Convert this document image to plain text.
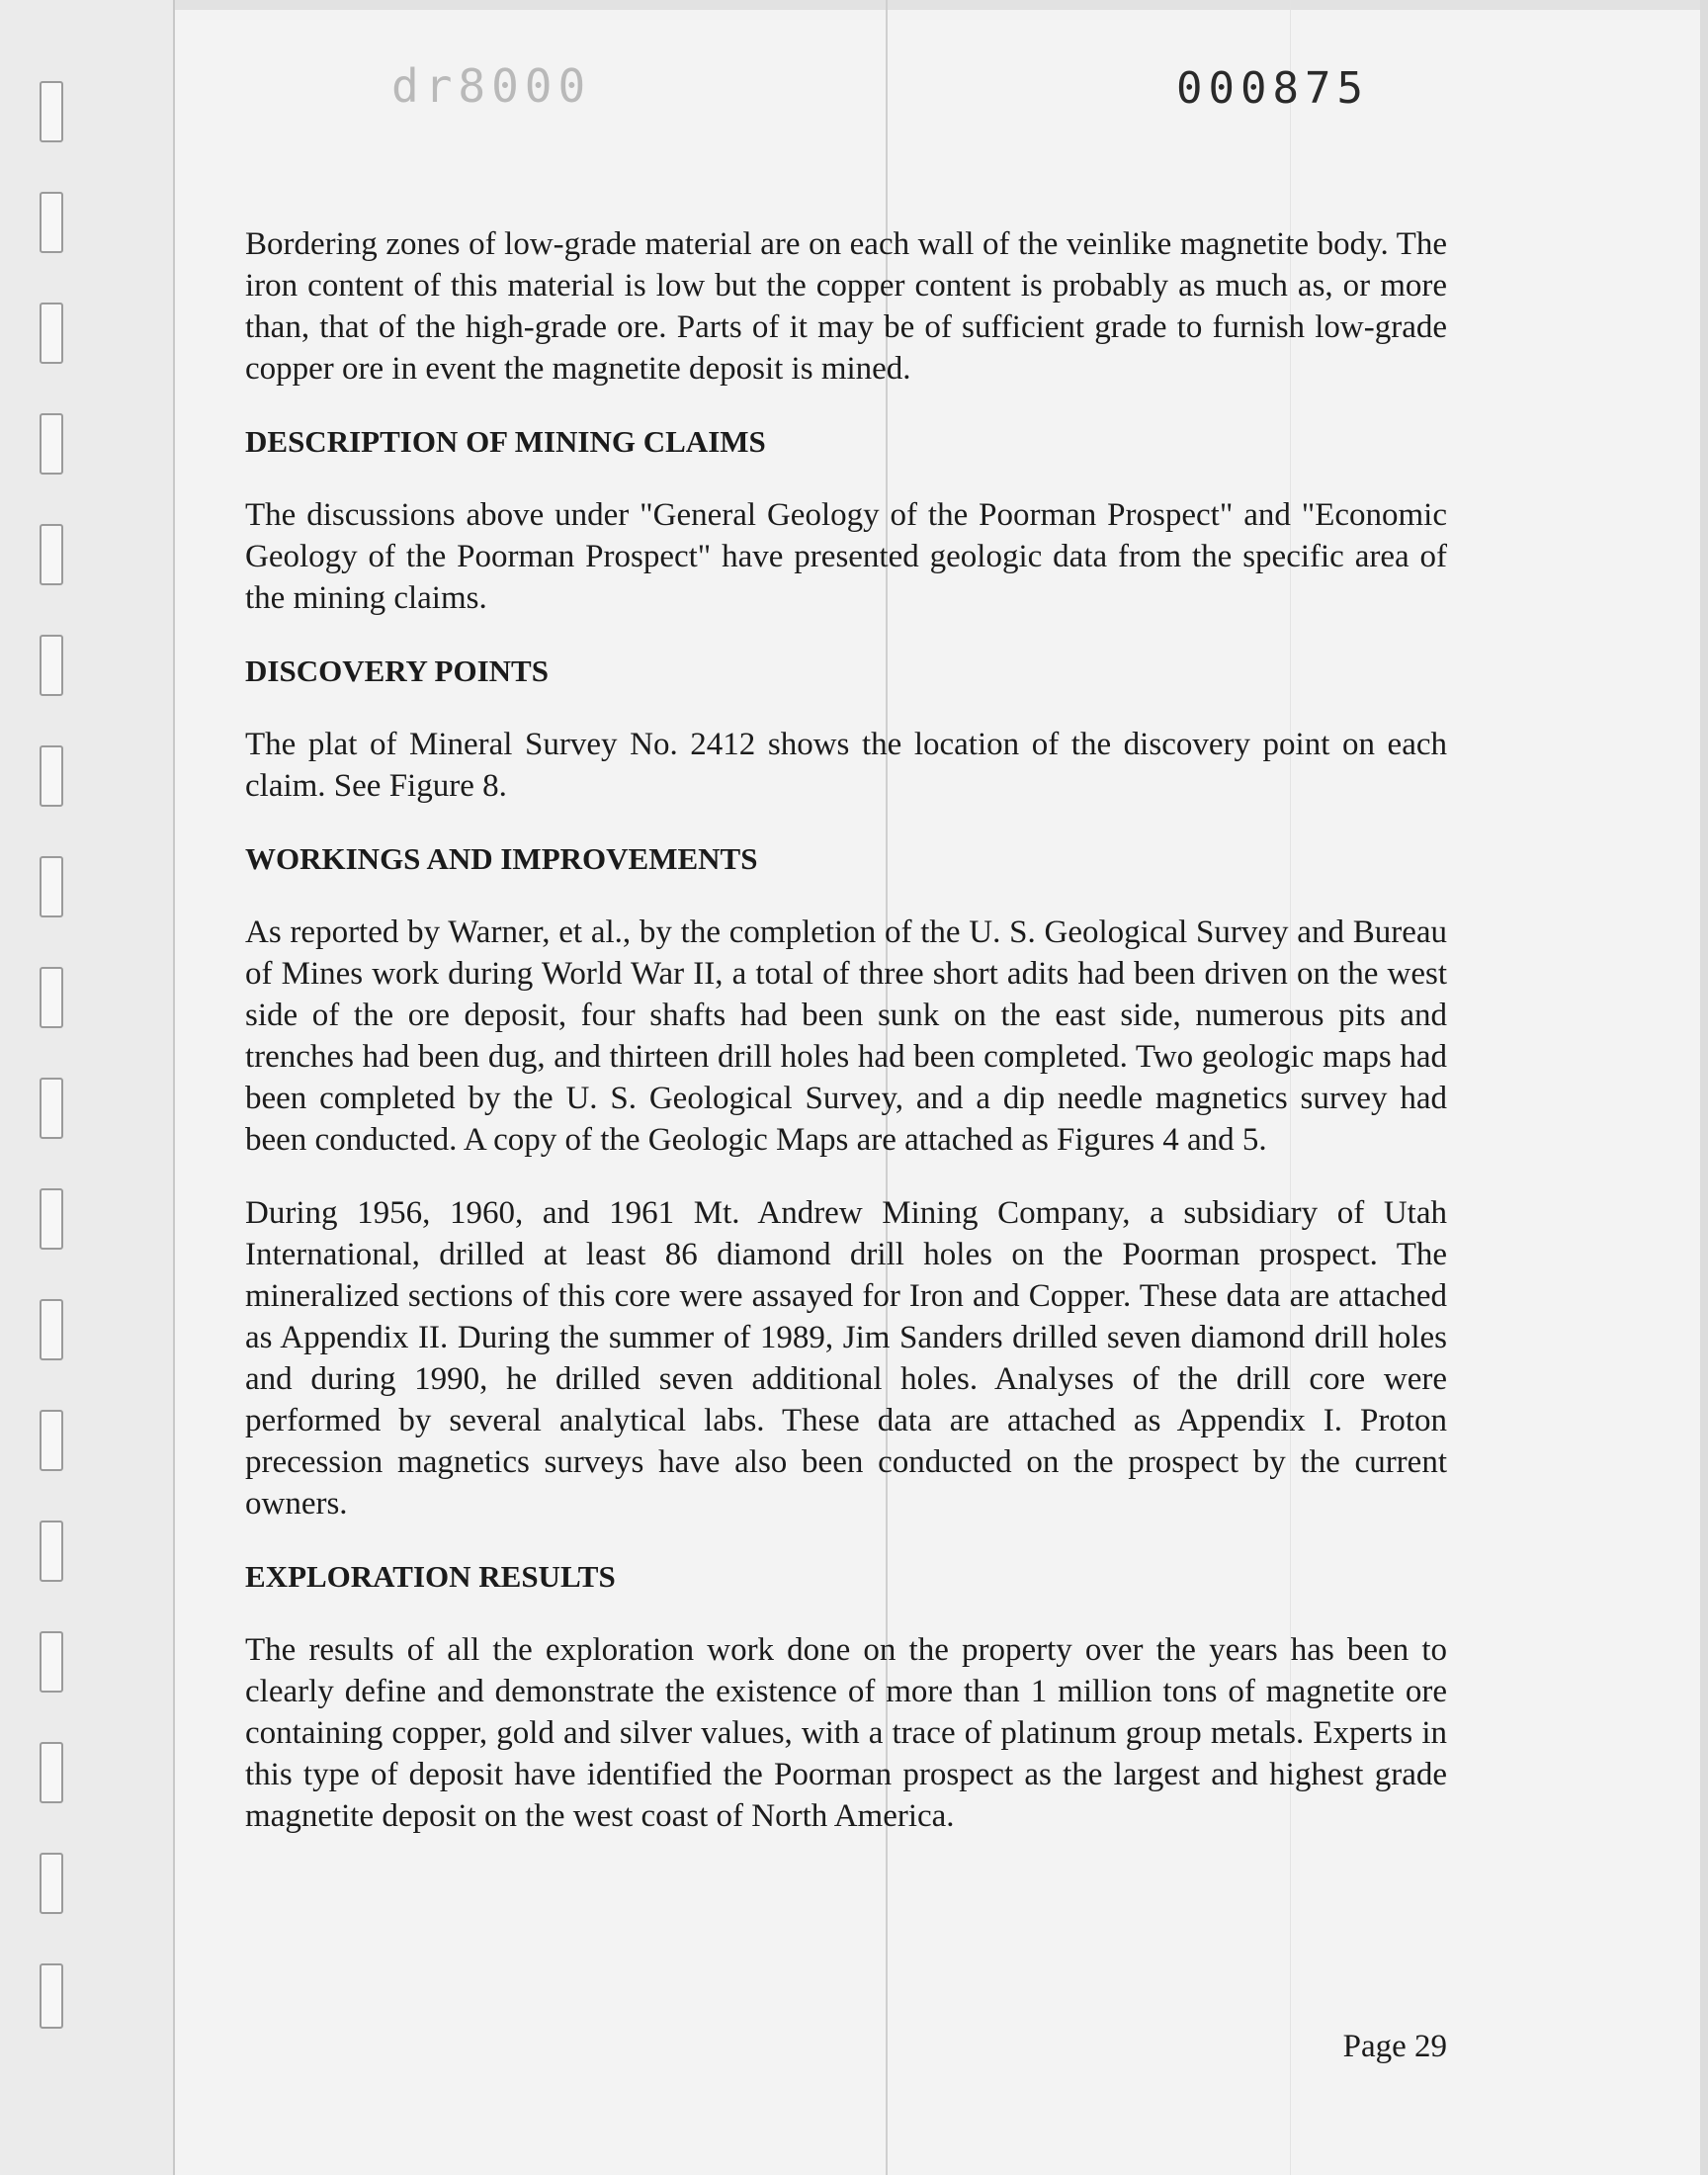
dr8000	000875

Bordering zones of low-grade material are on each wall of the veinlike magnetite body. The iron content of this material is low but the copper content is probably as much as, or more than, that of the high-grade ore. Parts of it may be of sufficient grade to furnish low-grade copper ore in event the magnetite deposit is mined.

DESCRIPTION OF MINING CLAIMS

The discussions above under "General Geology of the Poorman Prospect" and "Economic Geology of the Poorman Prospect" have presented geologic data from the specific area of the mining claims.

DISCOVERY POINTS

The plat of Mineral Survey No. 2412 shows the location of the discovery point on each claim. See Figure 8.

WORKINGS AND IMPROVEMENTS

As reported by Warner, et al., by the completion of the U. S. Geological Survey and Bureau of Mines work during World War II, a total of three short adits had been driven on the west side of the ore deposit, four shafts had been sunk on the east side, numerous pits and trenches had been dug, and thirteen drill holes had been completed. Two geologic maps had been completed by the U. S. Geological Survey, and a dip needle magnetics survey had been conducted. A copy of the Geologic Maps are attached as Figures 4 and 5.

During 1956, 1960, and 1961 Mt. Andrew Mining Company, a subsidiary of Utah International, drilled at least 86 diamond drill holes on the Poorman prospect. The mineralized sections of this core were assayed for Iron and Copper. These data are attached as Appendix II. During the summer of 1989, Jim Sanders drilled seven diamond drill holes and during 1990, he drilled seven additional holes. Analyses of the drill core were performed by several analytical labs. These data are attached as Appendix I. Proton precession magnetics surveys have also been conducted on the prospect by the current owners.

EXPLORATION RESULTS

The results of all the exploration work done on the property over the years has been to clearly define and demonstrate the existence of more than 1 million tons of magnetite ore containing copper, gold and silver values, with a trace of platinum group metals. Experts in this type of deposit have identified the Poorman prospect as the largest and highest grade magnetite deposit on the west coast of North America.

Page 29
